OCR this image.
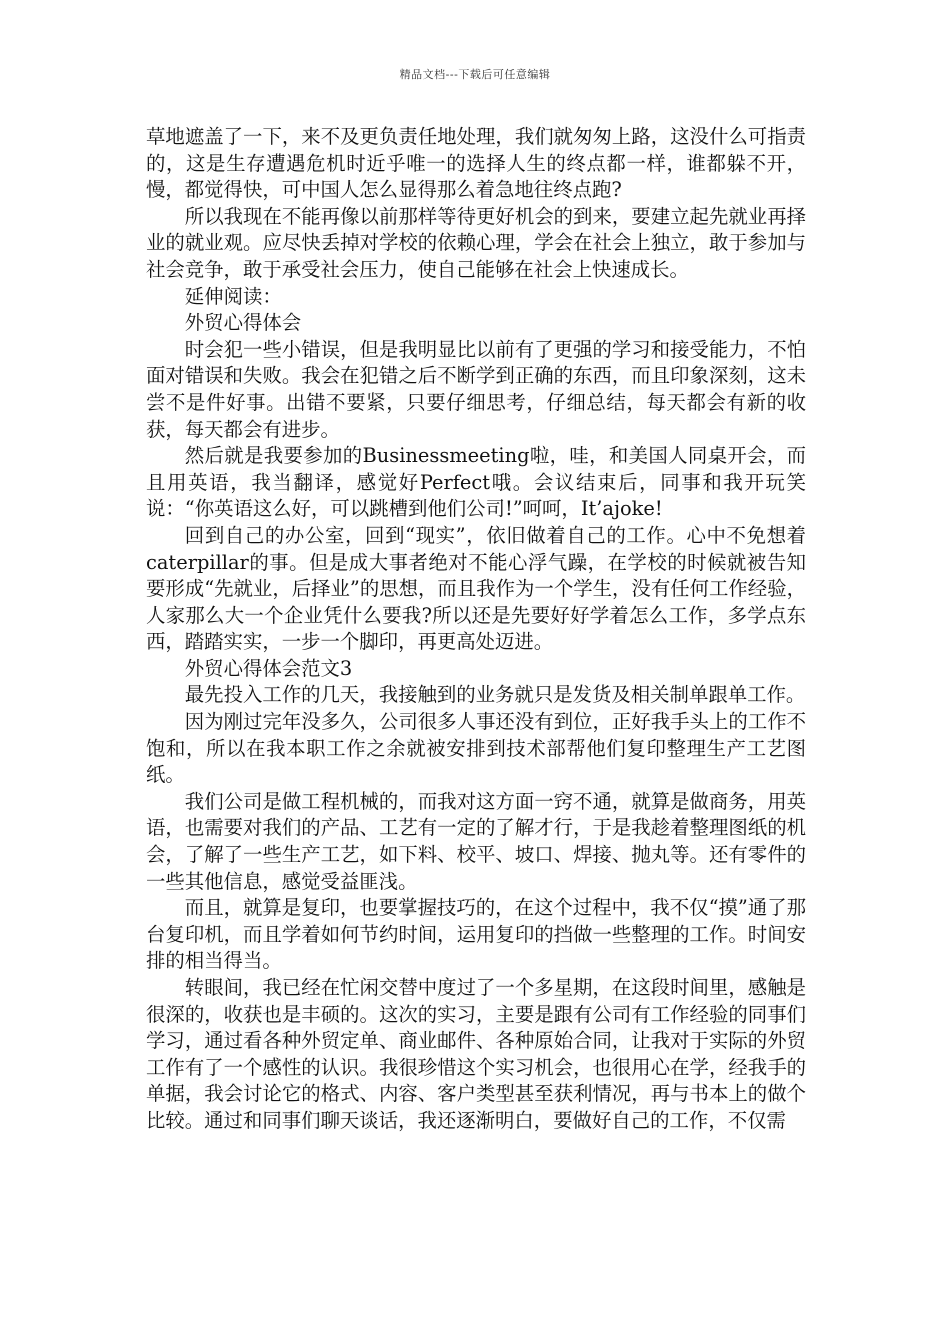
精品文档---下载后可任意编辑

草地遮盖了一下，来不及更负责任地处理，我们就匆匆上路，这没什么可指责的，这是生存遭遇危机时近乎唯一的选择人生的终点都一样，谁都躲不开，慢，都觉得快，可中国人怎么显得那么着急地往终点跑?

所以我现在不能再像以前那样等待更好机会的到来，要建立起先就业再择业的就业观。应尽快丢掉对学校的依赖心理，学会在社会上独立，敢于参加与社会竞争，敢于承受社会压力，使自己能够在社会上快速成长。

延伸阅读：

外贸心得体会

时会犯一些小错误，但是我明显比以前有了更强的学习和接受能力，不怕面对错误和失败。我会在犯错之后不断学到正确的东西，而且印象深刻，这未尝不是件好事。出错不要紧，只要仔细思考，仔细总结，每天都会有新的收获，每天都会有进步。

然后就是我要参加的Businessmeeting啦，哇，和美国人同桌开会，而且用英语，我当翻译，感觉好Perfect哦。会议结束后，同事和我开玩笑说：“你英语这么好，可以跳槽到他们公司!”呵呵，It’ajoke!

回到自己的办公室，回到“现实”，依旧做着自己的工作。心中不免想着caterpillar的事。但是成大事者绝对不能心浮气躁，在学校的时候就被告知要形成“先就业，后择业”的思想，而且我作为一个学生，没有任何工作经验，人家那么大一个企业凭什么要我?所以还是先要好好学着怎么工作，多学点东西，踏踏实实，一步一个脚印，再更高处迈进。

外贸心得体会范文3

最先投入工作的几天，我接触到的业务就只是发货及相关制单跟单工作。

因为刚过完年没多久，公司很多人事还没有到位，正好我手头上的工作不饱和，所以在我本职工作之余就被安排到技术部帮他们复印整理生产工艺图纸。

我们公司是做工程机械的，而我对这方面一窍不通，就算是做商务，用英语，也需要对我们的产品、工艺有一定的了解才行，于是我趁着整理图纸的机会，了解了一些生产工艺，如下料、校平、坡口、焊接、抛丸等。还有零件的一些其他信息，感觉受益匪浅。

而且，就算是复印，也要掌握技巧的，在这个过程中，我不仅“摸”通了那台复印机，而且学着如何节约时间，运用复印的挡做一些整理的工作。时间安排的相当得当。

转眼间，我已经在忙闲交替中度过了一个多星期，在这段时间里，感触是很深的，收获也是丰硕的。这次的实习，主要是跟有公司有工作经验的同事们学习，通过看各种外贸定单、商业邮件、各种原始合同，让我对于实际的外贸工作有了一个感性的认识。我很珍惜这个实习机会，也很用心在学，经我手的单据，我会讨论它的格式、内容、客户类型甚至获利情况，再与书本上的做个比较。通过和同事们聊天谈话，我还逐渐明白，要做好自己的工作，不仅需
